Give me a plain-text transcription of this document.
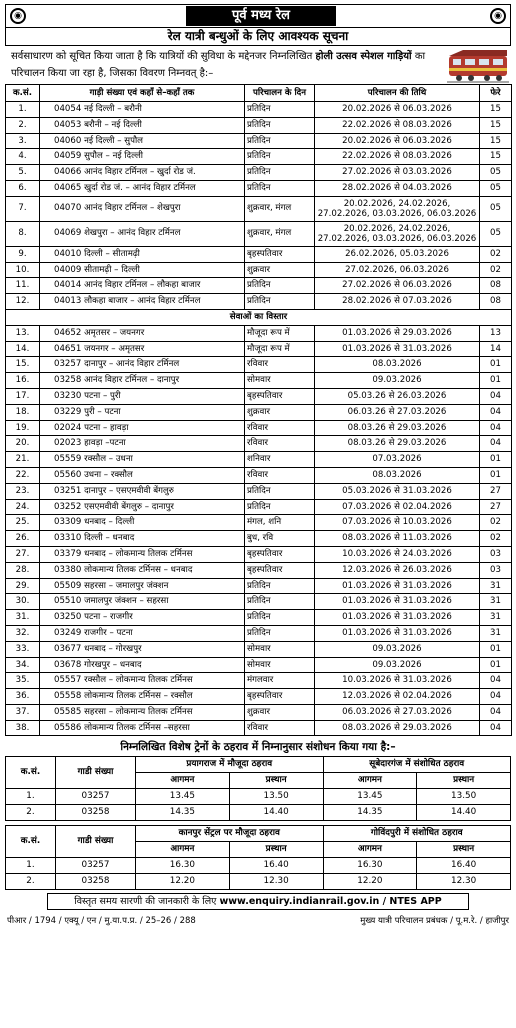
◉	पूर्व मध्य रेल	◉
रेल यात्री बन्धुओं के लिए आवश्यक सूचना
सर्वसाधारण को सूचित किया जाता है कि यात्रियों की सुविधा के मद्देनजर निम्नलिखित होली उत्सव स्पेशल गाड़ियों का परिचालन किया जा रहा है, जिसका विवरण निम्नवत् है:–
क.सं.	गाड़ी संख्या एवं कहाँ से–कहाँ तक	परिचालन के दिन	परिचालन की तिथि	फेरे
1.	04054 नई दिल्ली – बरौनी	प्रतिदिन	20.02.2026 से 06.03.2026	15
2.	04053 बरौनी – नई दिल्ली	प्रतिदिन	22.02.2026 से 08.03.2026	15
3.	04060 नई दिल्ली – सुपौल	प्रतिदिन	20.02.2026 से 06.03.2026	15
4.	04059 सुपौल – नई दिल्ली	प्रतिदिन	22.02.2026 से 08.03.2026	15
5.	04066 आनंद विहार टर्मिनल – खुर्दा रोड जं.	प्रतिदिन	27.02.2026 से 03.03.2026	05
6.	04065 खुर्दा रोड जं. – आनंद विहार टर्मिनल	प्रतिदिन	28.02.2026 से 04.03.2026	05
7.	04070 आनंद विहार टर्मिनल – शेखपुरा	शुक्रवार, मंगल	20.02.2026, 24.02.2026, 27.02.2026, 03.03.2026, 06.03.2026	05
8.	04069 शेखपुरा – आनंद विहार टर्मिनल	शुक्रवार, मंगल	20.02.2026, 24.02.2026, 27.02.2026, 03.03.2026, 06.03.2026	05
9.	04010 दिल्ली – सीतामढ़ी	बृहस्पतिवार	26.02.2026, 05.03.2026	02
10.	04009 सीतामढ़ी – दिल्ली	शुक्रवार	27.02.2026, 06.03.2026	02
11.	04014 आनंद विहार टर्मिनल – लौकहा बाजार	प्रतिदिन	27.02.2026 से 06.03.2026	08
12.	04013 लौकहा बाजार – आनंद विहार टर्मिनल	प्रतिदिन	28.02.2026 से 07.03.2026	08
सेवाओं का विस्तार				
13.	04652 अमृतसर – जयनगर	मौजूदा रूप में	01.03.2026 से 29.03.2026	13
14.	04651 जयनगर – अमृतसर	मौजूदा रूप में	01.03.2026 से 31.03.2026	14
15.	03257 दानापुर – आनंद विहार टर्मिनल	रविवार	08.03.2026	01
16.	03258 आनंद विहार टर्मिनल – दानापुर	सोमवार	09.03.2026	01
17.	03230 पटना – पुरी	बृहस्पतिवार	05.03.26 से 26.03.2026	04
18.	03229 पुरी – पटना	शुक्रवार	06.03.26 से 27.03.2026	04
19.	02024 पटना – हावड़ा	रविवार	08.03.26 से 29.03.2026	04
20.	02023 हावड़ा –पटना	रविवार	08.03.26 से 29.03.2026	04
21.	05559 रक्सौल – उधना	शनिवार	07.03.2026	01
22.	05560 उधना – रक्सौल	रविवार	08.03.2026	01
23.	03251 दानापुर – एसएमवीवी बेंगलुरु	प्रतिदिन	05.03.2026 से 31.03.2026	27
24.	03252 एसएमवीवी बेंगलुरु – दानापुर	प्रतिदिन	07.03.2026 से 02.04.2026	27
25.	03309 धनबाद – दिल्ली	मंगल, शनि	07.03.2026 से 10.03.2026	02
26.	03310 दिल्ली – धनबाद	बुध, रवि	08.03.2026 से 11.03.2026	02
27.	03379 धनबाद – लोकमान्य तिलक टर्मिनस	बृहस्पतिवार	10.03.2026 से 24.03.2026	03
28.	03380 लोकमान्य तिलक टर्मिनस – धनबाद	बृहस्पतिवार	12.03.2026 से 26.03.2026	03
29.	05509 सहरसा – जमालपुर जंक्शन	प्रतिदिन	01.03.2026 से 31.03.2026	31
30.	05510 जमालपुर जंक्शन – सहरसा	प्रतिदिन	01.03.2026 से 31.03.2026	31
31.	03250 पटना – राजगीर	प्रतिदिन	01.03.2026 से 31.03.2026	31
32.	03249 राजगीर – पटना	प्रतिदिन	01.03.2026 से 31.03.2026	31
33.	03677 धनबाद – गोरखपुर	सोमवार	09.03.2026	01
34.	03678 गोरखपुर – धनबाद	सोमवार	09.03.2026	01
35.	05557 रक्सौल – लोकमान्य तिलक टर्मिनस	मंगलवार	10.03.2026 से 31.03.2026	04
36.	05558 लोकमान्य तिलक टर्मिनस – रक्सौल	बृहस्पतिवार	12.03.2026 से 02.04.2026	04
37.	05585 सहरसा – लोकमान्य तिलक टर्मिनस	शुक्रवार	06.03.2026 से 27.03.2026	04
38.	05586 लोकमान्य तिलक टर्मिनस –सहरसा	रविवार	08.03.2026 से 29.03.2026	04
निम्नलिखित विशेष ट्रेनों के ठहराव में निम्नानुसार संशोधन किया गया है:–
क.सं.	गाडी संख्या	प्रयागराज में मौजूदा ठहराव		सूबेदारगंज में संशोधित ठहराव	
		आगमन	प्रस्थान	आगमन	प्रस्थान
1.	03257	13.45	13.50	13.45	13.50
2.	03258	14.35	14.40	14.35	14.40
क.सं.	गाडी संख्या	कानपुर सेंट्रल पर मौजूदा ठहराव		गोविंदपुरी में संशोधित ठहराव	
		आगमन	प्रस्थान	आगमन	प्रस्थान
1.	03257	16.30	16.40	16.30	16.40
2.	03258	12.20	12.30	12.20	12.30
विस्तृत समय सारणी की जानकारी के लिए www.enquiry.indianrail.gov.in / NTES APP
पीआर / 1794 / एक्यू / एन / मु.या.प.प्र. / 25–26 / 288	मुख्य यात्री परिचालन प्रबंधक / पू.म.रे. / हाजीपुर
